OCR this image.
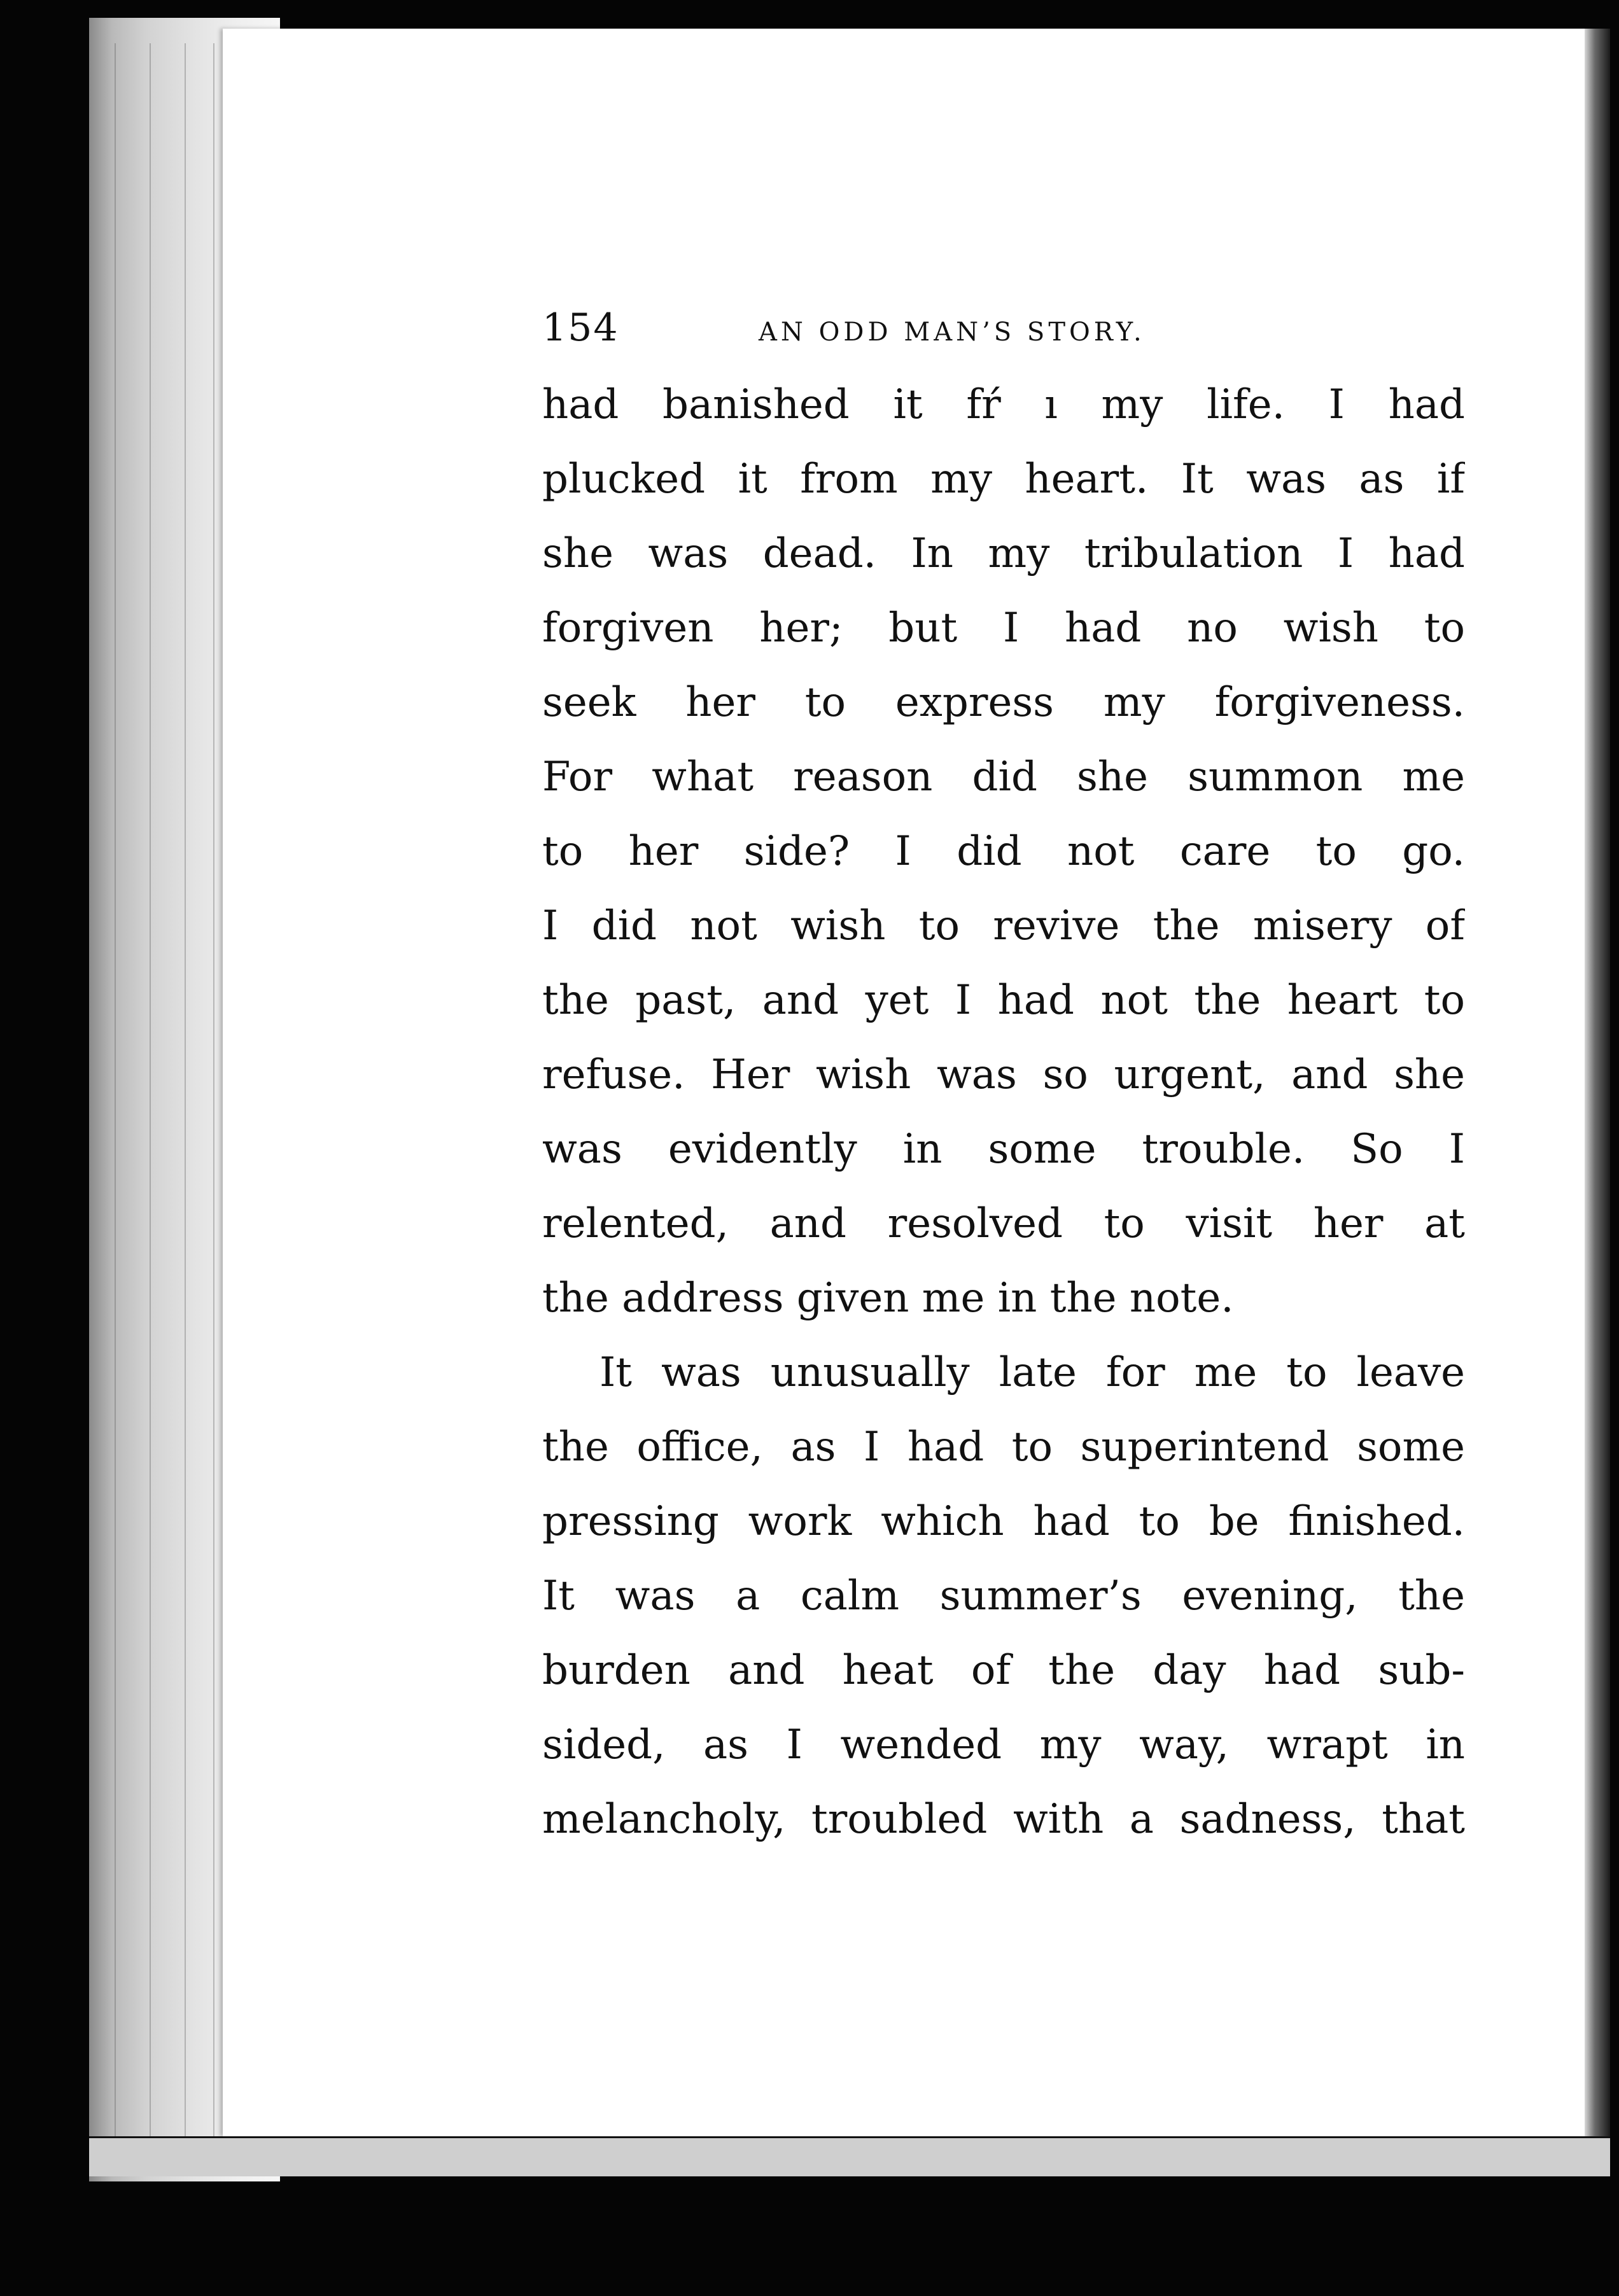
154	AN ODD MAN’S STORY.
had banished it fŕ ı my life. I had
plucked it from my heart. It was as if
she was dead. In my tribulation I had
forgiven her; but I had no wish to
seek her to express my forgiveness.
For what reason did she summon me
to her side? I did not care to go.
I did not wish to revive the misery of
the past, and yet I had not the heart to
refuse. Her wish was so urgent, and she
was evidently in some trouble. So I
relented, and resolved to visit her at
the address given me in the note.
It was unusually late for me to leave
the office, as I had to superintend some
pressing work which had to be finished.
It was a calm summer’s evening, the
burden and heat of the day had sub-
sided, as I wended my way, wrapt in
melancholy, troubled with a sadness, that
